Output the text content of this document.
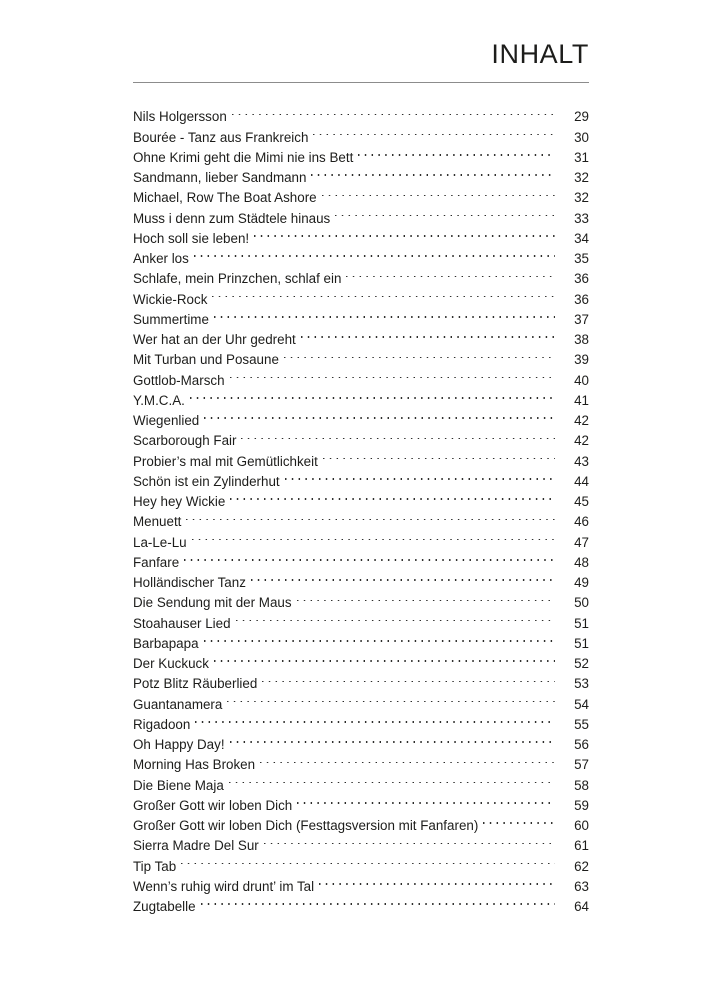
INHALT
Nils Holgersson	29
Bourée - Tanz aus Frankreich	30
Ohne Krimi geht die Mimi nie ins Bett	31
Sandmann, lieber Sandmann	32
Michael, Row The Boat Ashore	32
Muss i denn zum Städtele hinaus	33
Hoch soll sie leben!	34
Anker los	35
Schlafe, mein Prinzchen, schlaf ein	36
Wickie-Rock	36
Summertime	37
Wer hat an der Uhr gedreht	38
Mit Turban und Posaune	39
Gottlob-Marsch	40
Y.M.C.A.	41
Wiegenlied	42
Scarborough Fair	42
Probier’s mal mit Gemütlichkeit	43
Schön ist ein Zylinderhut	44
Hey hey Wickie	45
Menuett	46
La-Le-Lu	47
Fanfare	48
Holländischer Tanz	49
Die Sendung mit der Maus	50
Stoahauser Lied	51
Barbapapa	51
Der Kuckuck	52
Potz Blitz Räuberlied	53
Guantanamera	54
Rigadoon	55
Oh Happy Day!	56
Morning Has Broken	57
Die Biene Maja	58
Großer Gott wir loben Dich	59
Großer Gott wir loben Dich (Festtagsversion mit Fanfaren)	60
Sierra Madre Del Sur	61
Tip Tab	62
Wenn’s ruhig wird drunt’ im Tal	63
Zugtabelle	64
